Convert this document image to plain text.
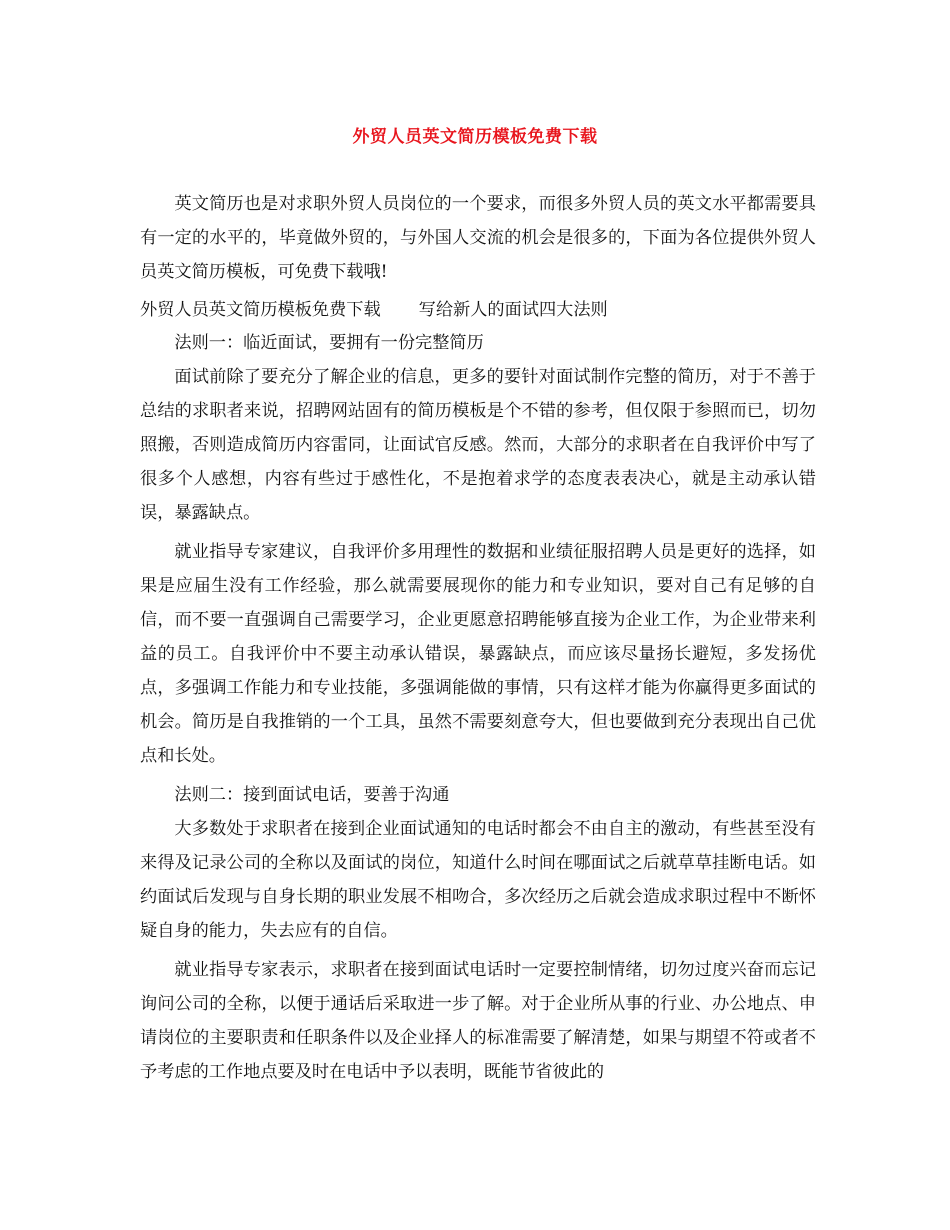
外贸人员英文简历模板免费下载

英文简历也是对求职外贸人员岗位的一个要求，而很多外贸人员的英文水平都需要具有一定的水平的，毕竟做外贸的，与外国人交流的机会是很多的，下面为各位提供外贸人员英文简历模板，可免费下载哦!

外贸人员英文简历模板免费下载 写给新人的面试四大法则

法则一：临近面试，要拥有一份完整简历

面试前除了要充分了解企业的信息，更多的要针对面试制作完整的简历，对于不善于总结的求职者来说，招聘网站固有的简历模板是个不错的参考，但仅限于参照而已，切勿照搬，否则造成简历内容雷同，让面试官反感。然而，大部分的求职者在自我评价中写了很多个人感想，内容有些过于感性化，不是抱着求学的态度表表决心，就是主动承认错误，暴露缺点。

就业指导专家建议，自我评价多用理性的数据和业绩征服招聘人员是更好的选择，如果是应届生没有工作经验，那么就需要展现你的能力和专业知识，要对自己有足够的自信，而不要一直强调自己需要学习，企业更愿意招聘能够直接为企业工作，为企业带来利益的员工。自我评价中不要主动承认错误，暴露缺点，而应该尽量扬长避短，多发扬优点，多强调工作能力和专业技能，多强调能做的事情，只有这样才能为你赢得更多面试的机会。简历是自我推销的一个工具，虽然不需要刻意夸大，但也要做到充分表现出自己优点和长处。

法则二：接到面试电话，要善于沟通

大多数处于求职者在接到企业面试通知的电话时都会不由自主的激动，有些甚至没有来得及记录公司的全称以及面试的岗位，知道什么时间在哪面试之后就草草挂断电话。如约面试后发现与自身长期的职业发展不相吻合，多次经历之后就会造成求职过程中不断怀疑自身的能力，失去应有的自信。

就业指导专家表示，求职者在接到面试电话时一定要控制情绪，切勿过度兴奋而忘记询问公司的全称，以便于通话后采取进一步了解。对于企业所从事的行业、办公地点、申请岗位的主要职责和任职条件以及企业择人的标准需要了解清楚，如果与期望不符或者不予考虑的工作地点要及时在电话中予以表明，既能节省彼此的
